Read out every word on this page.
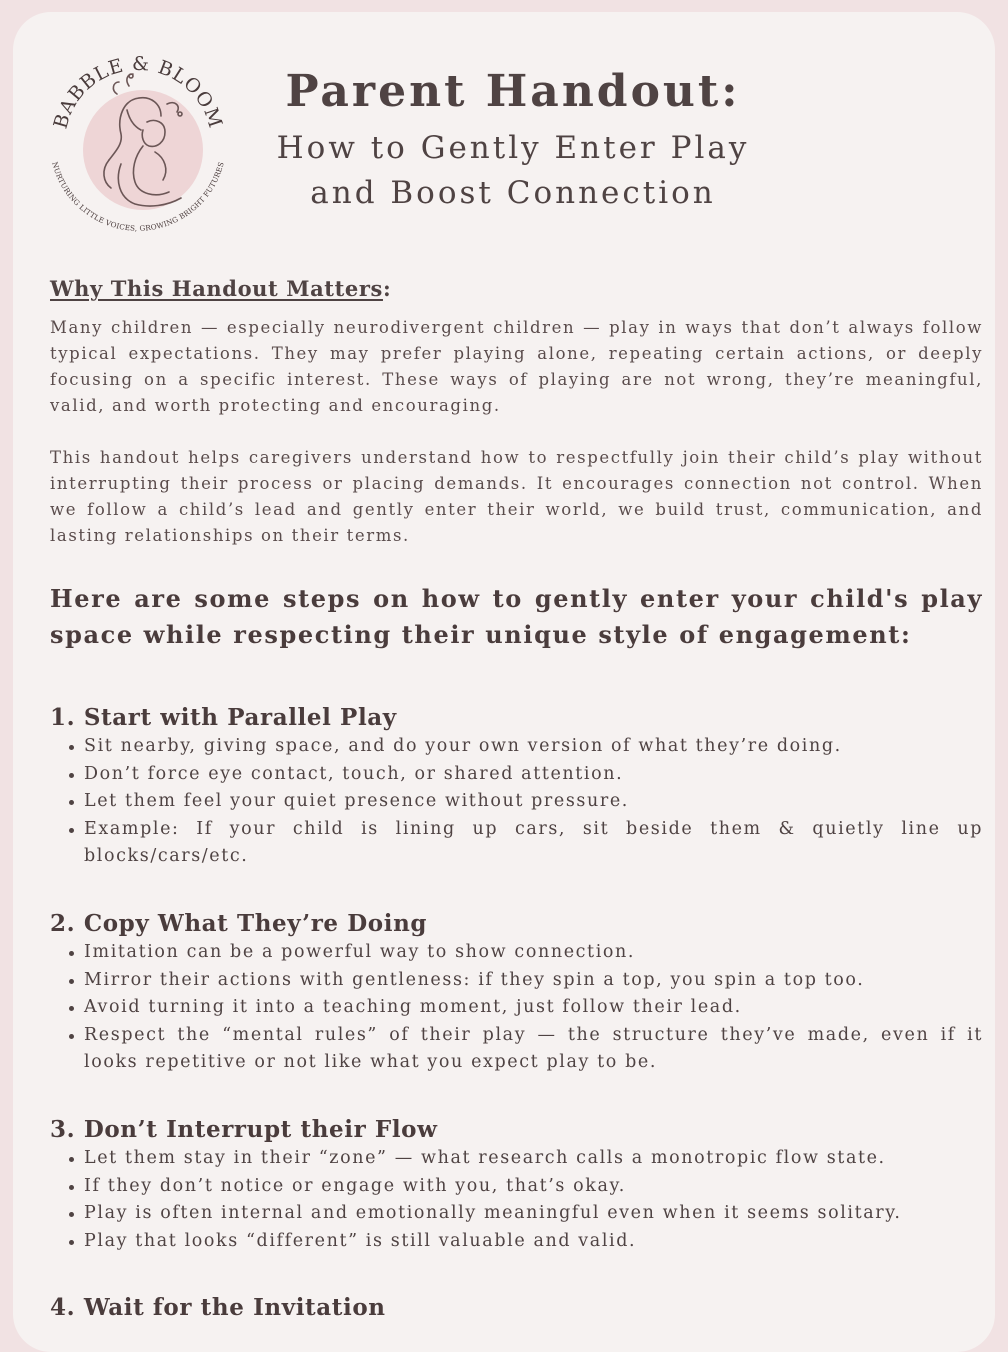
BABBLE & BLOOM
NURTURING LITTLE VOICES, GROWING BRIGHT FUTURES
Parent Handout:
How to Gently Enter Play
and Boost Connection
Why This Handout Matters:

Many children — especially neurodivergent children — play in ways that don’t always follow typical expectations. They may prefer playing alone, repeating certain actions, or deeply focusing on a specific interest. These ways of playing are not wrong, they’re meaningful, valid, and worth protecting and encouraging.

This handout helps caregivers understand how to respectfully join their child’s play without interrupting their process or placing demands. It encourages connection not control. When we follow a child’s lead and gently enter their world, we build trust, communication, and lasting relationships on their terms.

Here are some steps on how to gently enter your child's play space while respecting their unique style of engagement:

1. Start with Parallel Play
Sit nearby, giving space, and do your own version of what they’re doing.
Don’t force eye contact, touch, or shared attention.
Let them feel your quiet presence without pressure.
Example: If your child is lining up cars, sit beside them & quietly line up blocks/cars/etc.
2. Copy What They’re Doing
Imitation can be a powerful way to show connection.
Mirror their actions with gentleness: if they spin a top, you spin a top too.
Avoid turning it into a teaching moment, just follow their lead.
Respect the “mental rules” of their play — the structure they’ve made, even if it looks repetitive or not like what you expect play to be.
3. Don’t Interrupt their Flow
Let them stay in their “zone” — what research calls a monotropic flow state.
If they don’t notice or engage with you, that’s okay.
Play is often internal and emotionally meaningful even when it seems solitary.
Play that looks “different” is still valuable and valid.
4. Wait for the Invitation
